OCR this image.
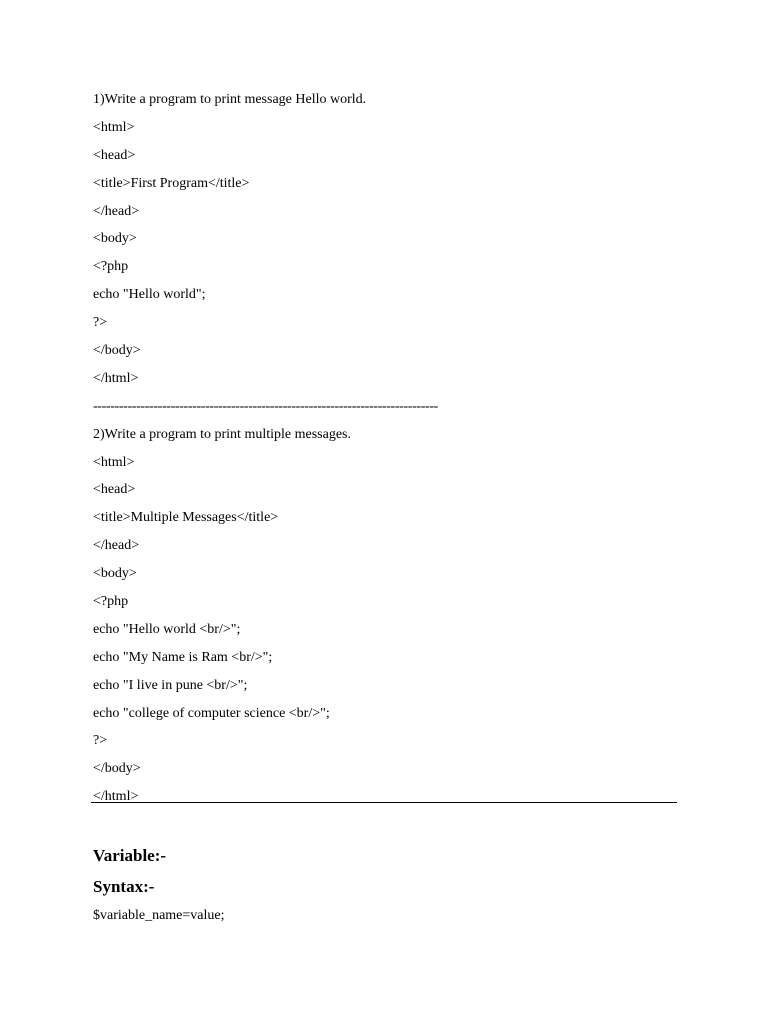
1)Write a program to print message Hello world.
<html>
<head>
<title>First Program</title>
</head>
<body>
<?php
echo "Hello world";
?>
</body>
</html>
--------------------------------------------------------------------------------
2)Write a program to print multiple messages.
<html>
<head>
<title>Multiple Messages</title>
</head>
<body>
<?php
echo "Hello world <br/>";
echo "My Name is Ram <br/>";
echo "I live in pune <br/>";
echo "college of computer science <br/>";
?>
</body>
</html>
Variable:-
Syntax:-
$variable_name=value;
